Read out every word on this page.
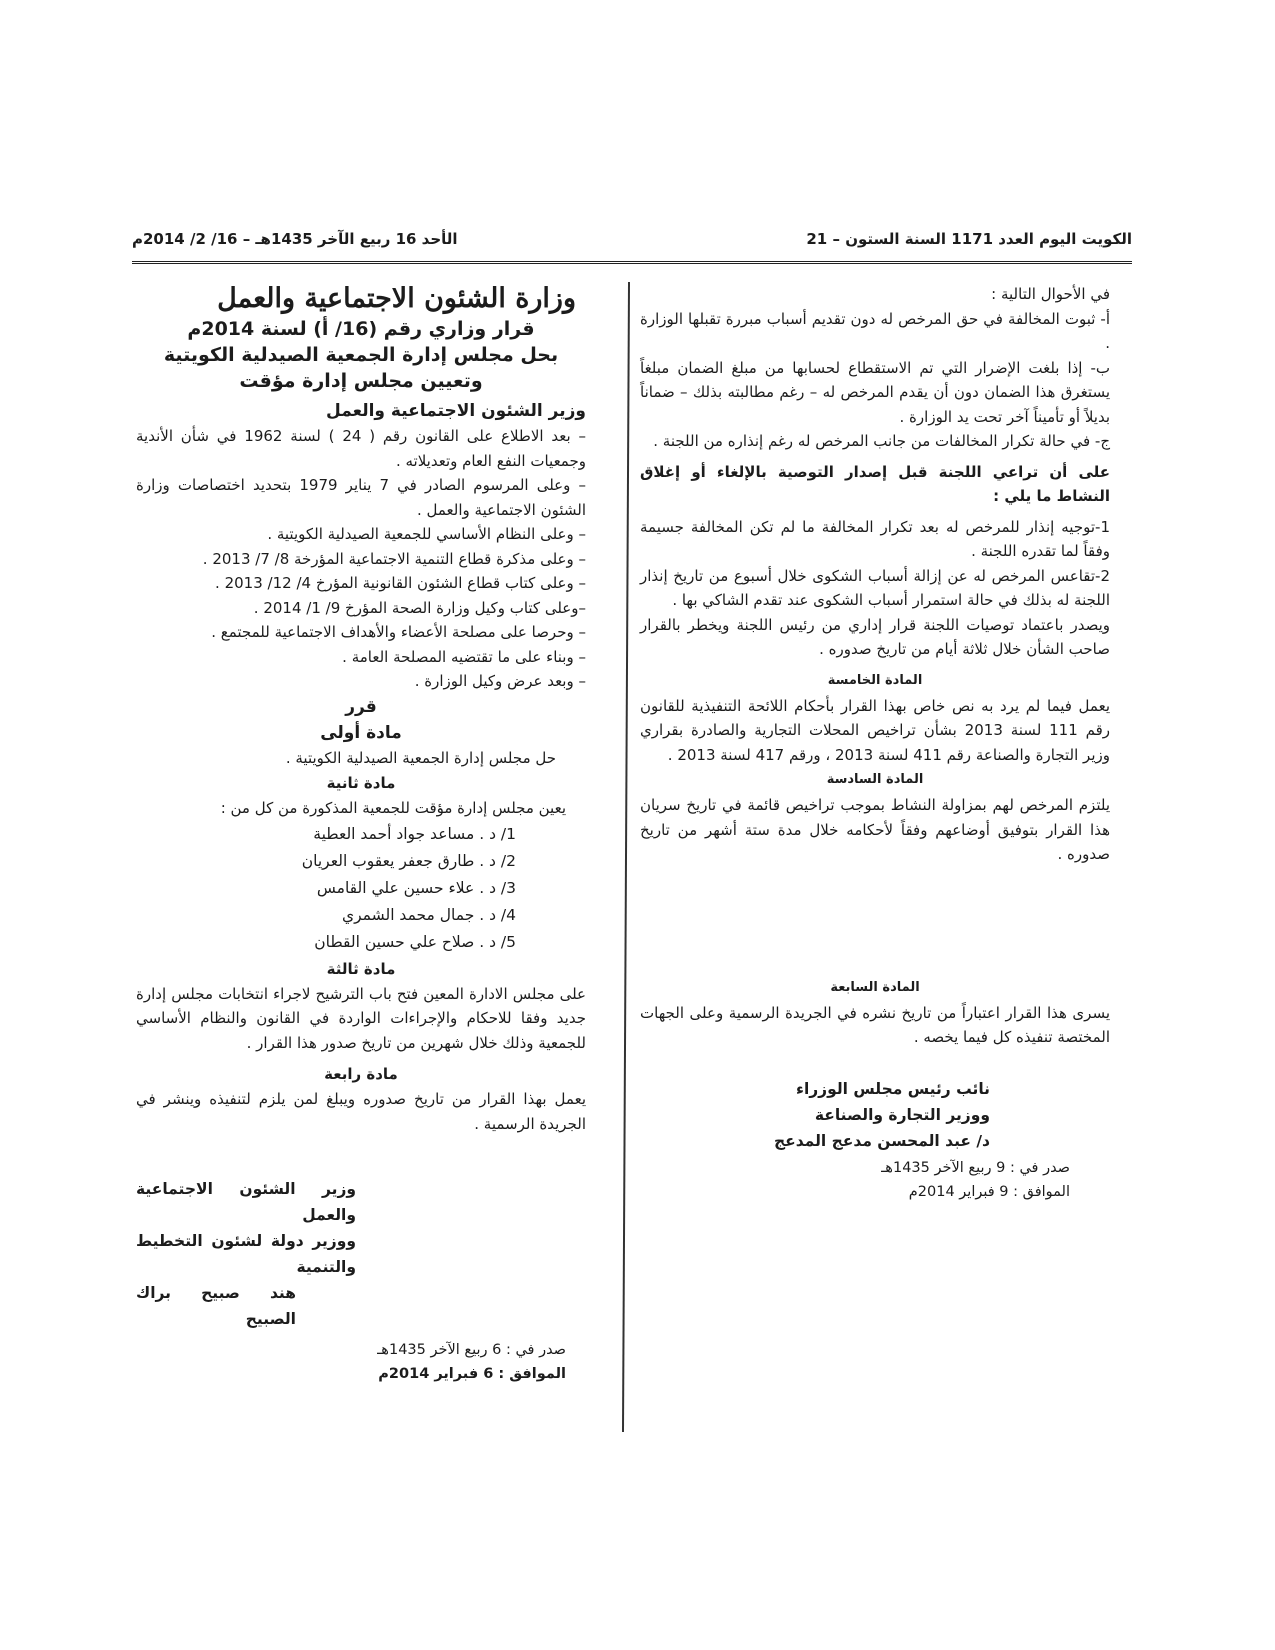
الكويت اليوم العدد 1171 السنة الستون – 21
الأحد 16 ربيع الآخر 1435هـ – 16/ 2/ 2014م

في الأحوال التالية :

أ- ثبوت المخالفة في حق المرخص له دون تقديم أسباب مبررة تقبلها الوزارة .

ب- إذا بلغت الإضرار التي تم الاستقطاع لحسابها من مبلغ الضمان مبلغاً يستغرق هذا الضمان دون أن يقدم المرخص له – رغم مطالبته بذلك – ضماناً بديلاً أو تأميناً آخر تحت يد الوزارة .

ج- في حالة تكرار المخالفات من جانب المرخص له رغم إنذاره من اللجنة .

على أن تراعي اللجنة قبل إصدار التوصية بالإلغاء أو إغلاق النشاط ما يلي :

1-توجيه إنذار للمرخص له بعد تكرار المخالفة ما لم تكن المخالفة جسيمة وفقاً لما تقدره اللجنة .

2-تقاعس المرخص له عن إزالة أسباب الشكوى خلال أسبوع من تاريخ إنذار اللجنة له بذلك في حالة استمرار أسباب الشكوى عند تقدم الشاكي بها .

ويصدر باعتماد توصيات اللجنة قرار إداري من رئيس اللجنة ويخطر بالقرار صاحب الشأن خلال ثلاثة أيام من تاريخ صدوره .

المادة الخامسة

يعمل فيما لم يرد به نص خاص بهذا القرار بأحكام اللائحة التنفيذية للقانون رقم 111 لسنة 2013 بشأن تراخيص المحلات التجارية والصادرة بقراري وزير التجارة والصناعة رقم 411 لسنة 2013 ، ورقم 417 لسنة 2013 .

المادة السادسة

يلتزم المرخص لهم بمزاولة النشاط بموجب تراخيص قائمة في تاريخ سريان هذا القرار بتوفيق أوضاعهم وفقاً لأحكامه خلال مدة ستة أشهر من تاريخ صدوره .

المادة السابعة

يسرى هذا القرار اعتباراً من تاريخ نشره في الجريدة الرسمية وعلى الجهات المختصة تنفيذه كل فيما يخصه .

نائب رئيس مجلس الوزراء

ووزير التجارة والصناعة

د/ عبد المحسن مدعج المدعج

صدر في : 9 ربيع الآخر 1435هـ

الموافق : 9 فبراير 2014م

وزارة الشئون الاجتماعية والعمل

قرار وزاري رقم (16/ أ) لسنة 2014م

بحل مجلس إدارة الجمعية الصيدلية الكويتية

وتعيين مجلس إدارة مؤقت

وزير الشئون الاجتماعية والعمل

– بعد الاطلاع على القانون رقم ( 24 ) لسنة 1962 في شأن الأندية وجمعيات النفع العام وتعديلاته .

– وعلى المرسوم الصادر في 7 يناير 1979 بتحديد اختصاصات وزارة الشئون الاجتماعية والعمل .

– وعلى النظام الأساسي للجمعية الصيدلية الكويتية .

– وعلى مذكرة قطاع التنمية الاجتماعية المؤرخة 8/ 7/ 2013 .

– وعلى كتاب قطاع الشئون القانونية المؤرخ 4/ 12/ 2013 .

–وعلى كتاب وكيل وزارة الصحة المؤرخ 9/ 1/ 2014 .

– وحرصا على مصلحة الأعضاء والأهداف الاجتماعية للمجتمع .

– وبناء على ما تقتضيه المصلحة العامة .

– وبعد عرض وكيل الوزارة .

قرر

مادة أولى

حل مجلس إدارة الجمعية الصيدلية الكويتية .

مادة ثانية

يعين مجلس إدارة مؤقت للجمعية المذكورة من كل من :

1/ د . مساعد جواد أحمد العطية

2/ د . طارق جعفر يعقوب العريان

3/ د . علاء حسين علي القامس

4/ د . جمال محمد الشمري

5/ د . صلاح علي حسين القطان

مادة ثالثة

على مجلس الادارة المعين فتح باب الترشيح لاجراء انتخابات مجلس إدارة جديد وفقا للاحكام والإجراءات الواردة في القانون والنظام الأساسي للجمعية وذلك خلال شهرين من تاريخ صدور هذا القرار .

مادة رابعة

يعمل بهذا القرار من تاريخ صدوره ويبلغ لمن يلزم لتنفيذه وينشر في الجريدة الرسمية .

وزير الشئون الاجتماعية والعمل

ووزير دولة لشئون التخطيط والتنمية

هند صبيح براك الصبيح

صدر في : 6 ربيع الآخر 1435هـ

الموافق : 6 فبراير 2014م
